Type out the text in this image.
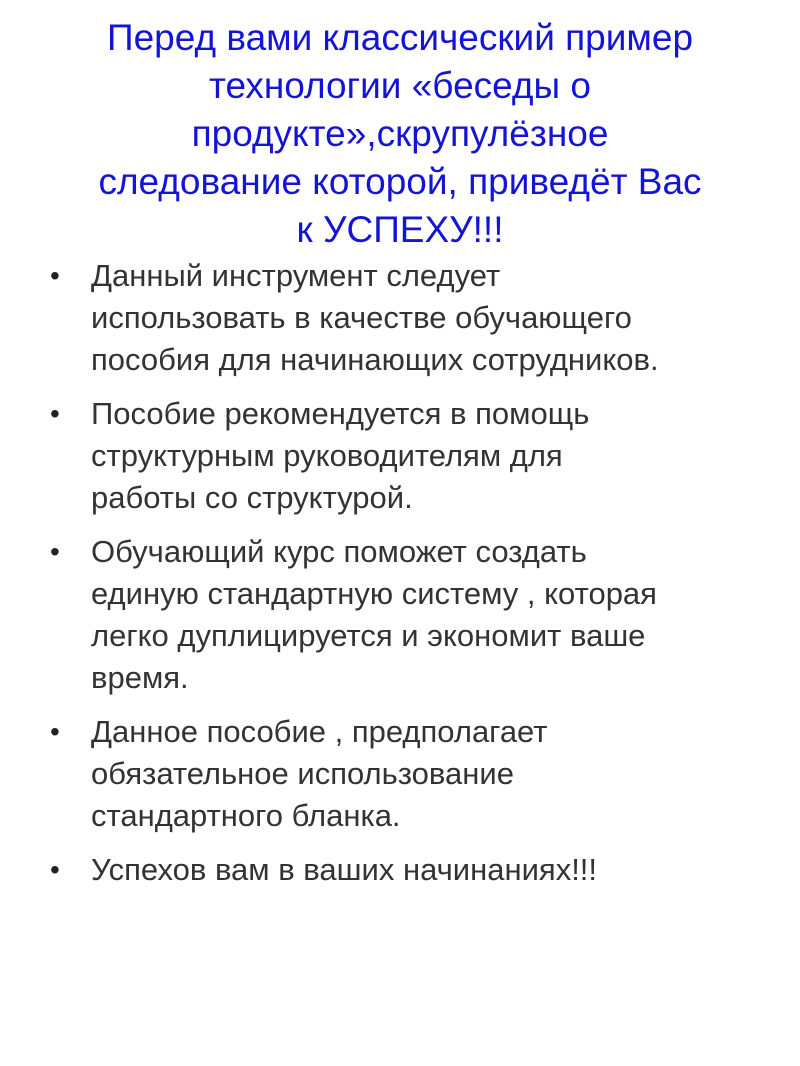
Перед вами классический пример
технологии «беседы о
продукте»,скрупулёзное
следование которой, приведёт Вас
к УСПЕХУ!!!
• Данный инструмент следует
использовать в качестве обучающего
пособия для начинающих сотрудников.
• Пособие рекомендуется в помощь
структурным руководителям для
работы со структурой.
• Обучающий курс поможет создать
единую стандартную систему , которая
легко дуплицируется и экономит ваше
время.
• Данное пособие , предполагает
обязательное использование
стандартного бланка.
• Успехов вам в ваших начинаниях!!!
